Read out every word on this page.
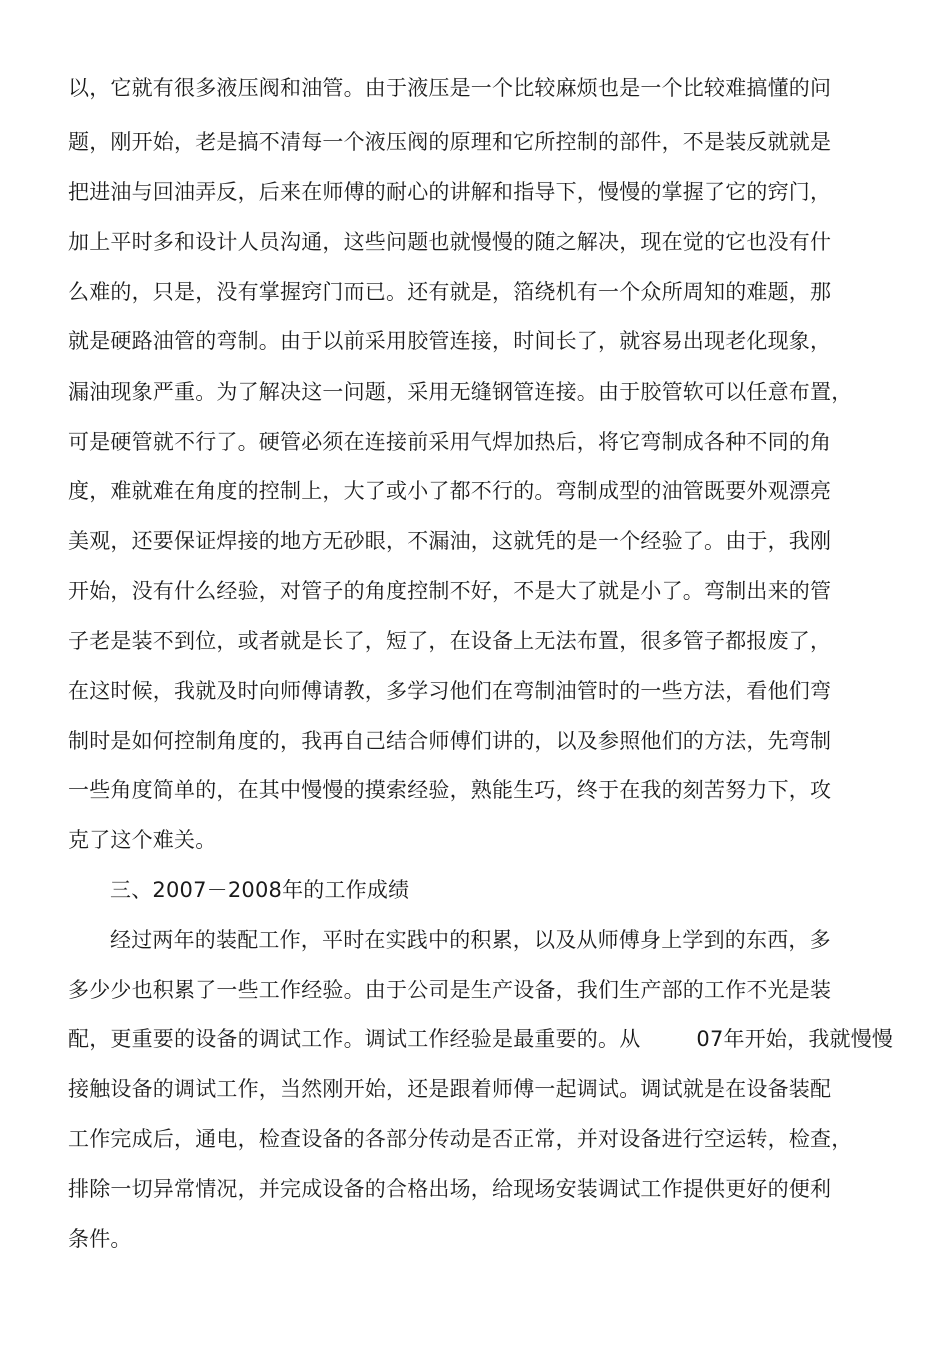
以，它就有很多液压阀和油管。由于液压是一个比较麻烦也是一个比较难搞懂的问
题，刚开始，老是搞不清每一个液压阀的原理和它所控制的部件，不是装反就就是
把进油与回油弄反，后来在师傅的耐心的讲解和指导下，慢慢的掌握了它的窍门，
加上平时多和设计人员沟通，这些问题也就慢慢的随之解决，现在觉的它也没有什
么难的，只是，没有掌握窍门而已。还有就是，箔绕机有一个众所周知的难题，那
就是硬路油管的弯制。由于以前采用胶管连接，时间长了，就容易出现老化现象，
漏油现象严重。为了解决这一问题，采用无缝钢管连接。由于胶管软可以任意布置，
可是硬管就不行了。硬管必须在连接前采用气焊加热后，将它弯制成各种不同的角
度，难就难在角度的控制上，大了或小了都不行的。弯制成型的油管既要外观漂亮
美观，还要保证焊接的地方无砂眼，不漏油，这就凭的是一个经验了。由于，我刚
开始，没有什么经验，对管子的角度控制不好，不是大了就是小了。弯制出来的管
子老是装不到位，或者就是长了，短了，在设备上无法布置，很多管子都报废了，
在这时候，我就及时向师傅请教，多学习他们在弯制油管时的一些方法，看他们弯
制时是如何控制角度的，我再自己结合师傅们讲的，以及参照他们的方法，先弯制
一些角度简单的，在其中慢慢的摸索经验，熟能生巧，终于在我的刻苦努力下，攻
克了这个难关。
三、2007－2008年的工作成绩
经过两年的装配工作，平时在实践中的积累，以及从师傅身上学到的东西，多
多少少也积累了一些工作经验。由于公司是生产设备，我们生产部的工作不光是装
配，更重要的设备的调试工作。调试工作经验是最重要的。从	07年开始，我就慢慢
接触设备的调试工作，当然刚开始，还是跟着师傅一起调试。调试就是在设备装配
工作完成后，通电，检查设备的各部分传动是否正常，并对设备进行空运转，检查，
排除一切异常情况，并完成设备的合格出场，给现场安装调试工作提供更好的便利
条件。
